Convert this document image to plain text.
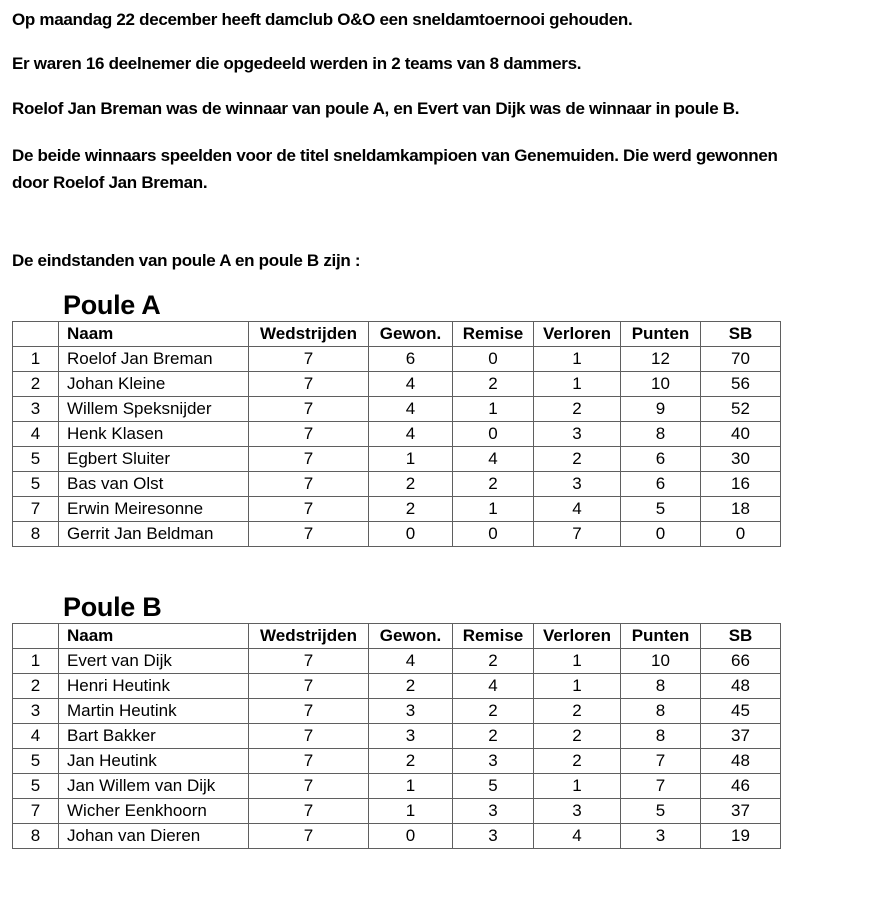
Op maandag 22 december heeft damclub O&O een sneldamtoernooi gehouden.
Er waren 16 deelnemer die opgedeeld werden in 2 teams van 8 dammers.
Roelof Jan Breman was de winnaar van poule A, en Evert van Dijk was de winnaar in poule B.
De beide winnaars speelden voor de titel sneldamkampioen van Genemuiden. Die werd gewonnen
door Roelof Jan Breman.
De eindstanden van poule A en poule B zijn :
Poule A
	Naam	Wedstrijden	Gewon.	Remise	Verloren	Punten	SB
1	Roelof Jan Breman	7	6	0	1	12	70
2	Johan Kleine	7	4	2	1	10	56
3	Willem Speksnijder	7	4	1	2	9	52
4	Henk Klasen	7	4	0	3	8	40
5	Egbert Sluiter	7	1	4	2	6	30
5	Bas van Olst	7	2	2	3	6	16
7	Erwin Meiresonne	7	2	1	4	5	18
8	Gerrit Jan Beldman	7	0	0	7	0	0
Poule B
	Naam	Wedstrijden	Gewon.	Remise	Verloren	Punten	SB
1	Evert van Dijk	7	4	2	1	10	66
2	Henri Heutink	7	2	4	1	8	48
3	Martin Heutink	7	3	2	2	8	45
4	Bart Bakker	7	3	2	2	8	37
5	Jan Heutink	7	2	3	2	7	48
5	Jan Willem van Dijk	7	1	5	1	7	46
7	Wicher Eenkhoorn	7	1	3	3	5	37
8	Johan van Dieren	7	0	3	4	3	19
